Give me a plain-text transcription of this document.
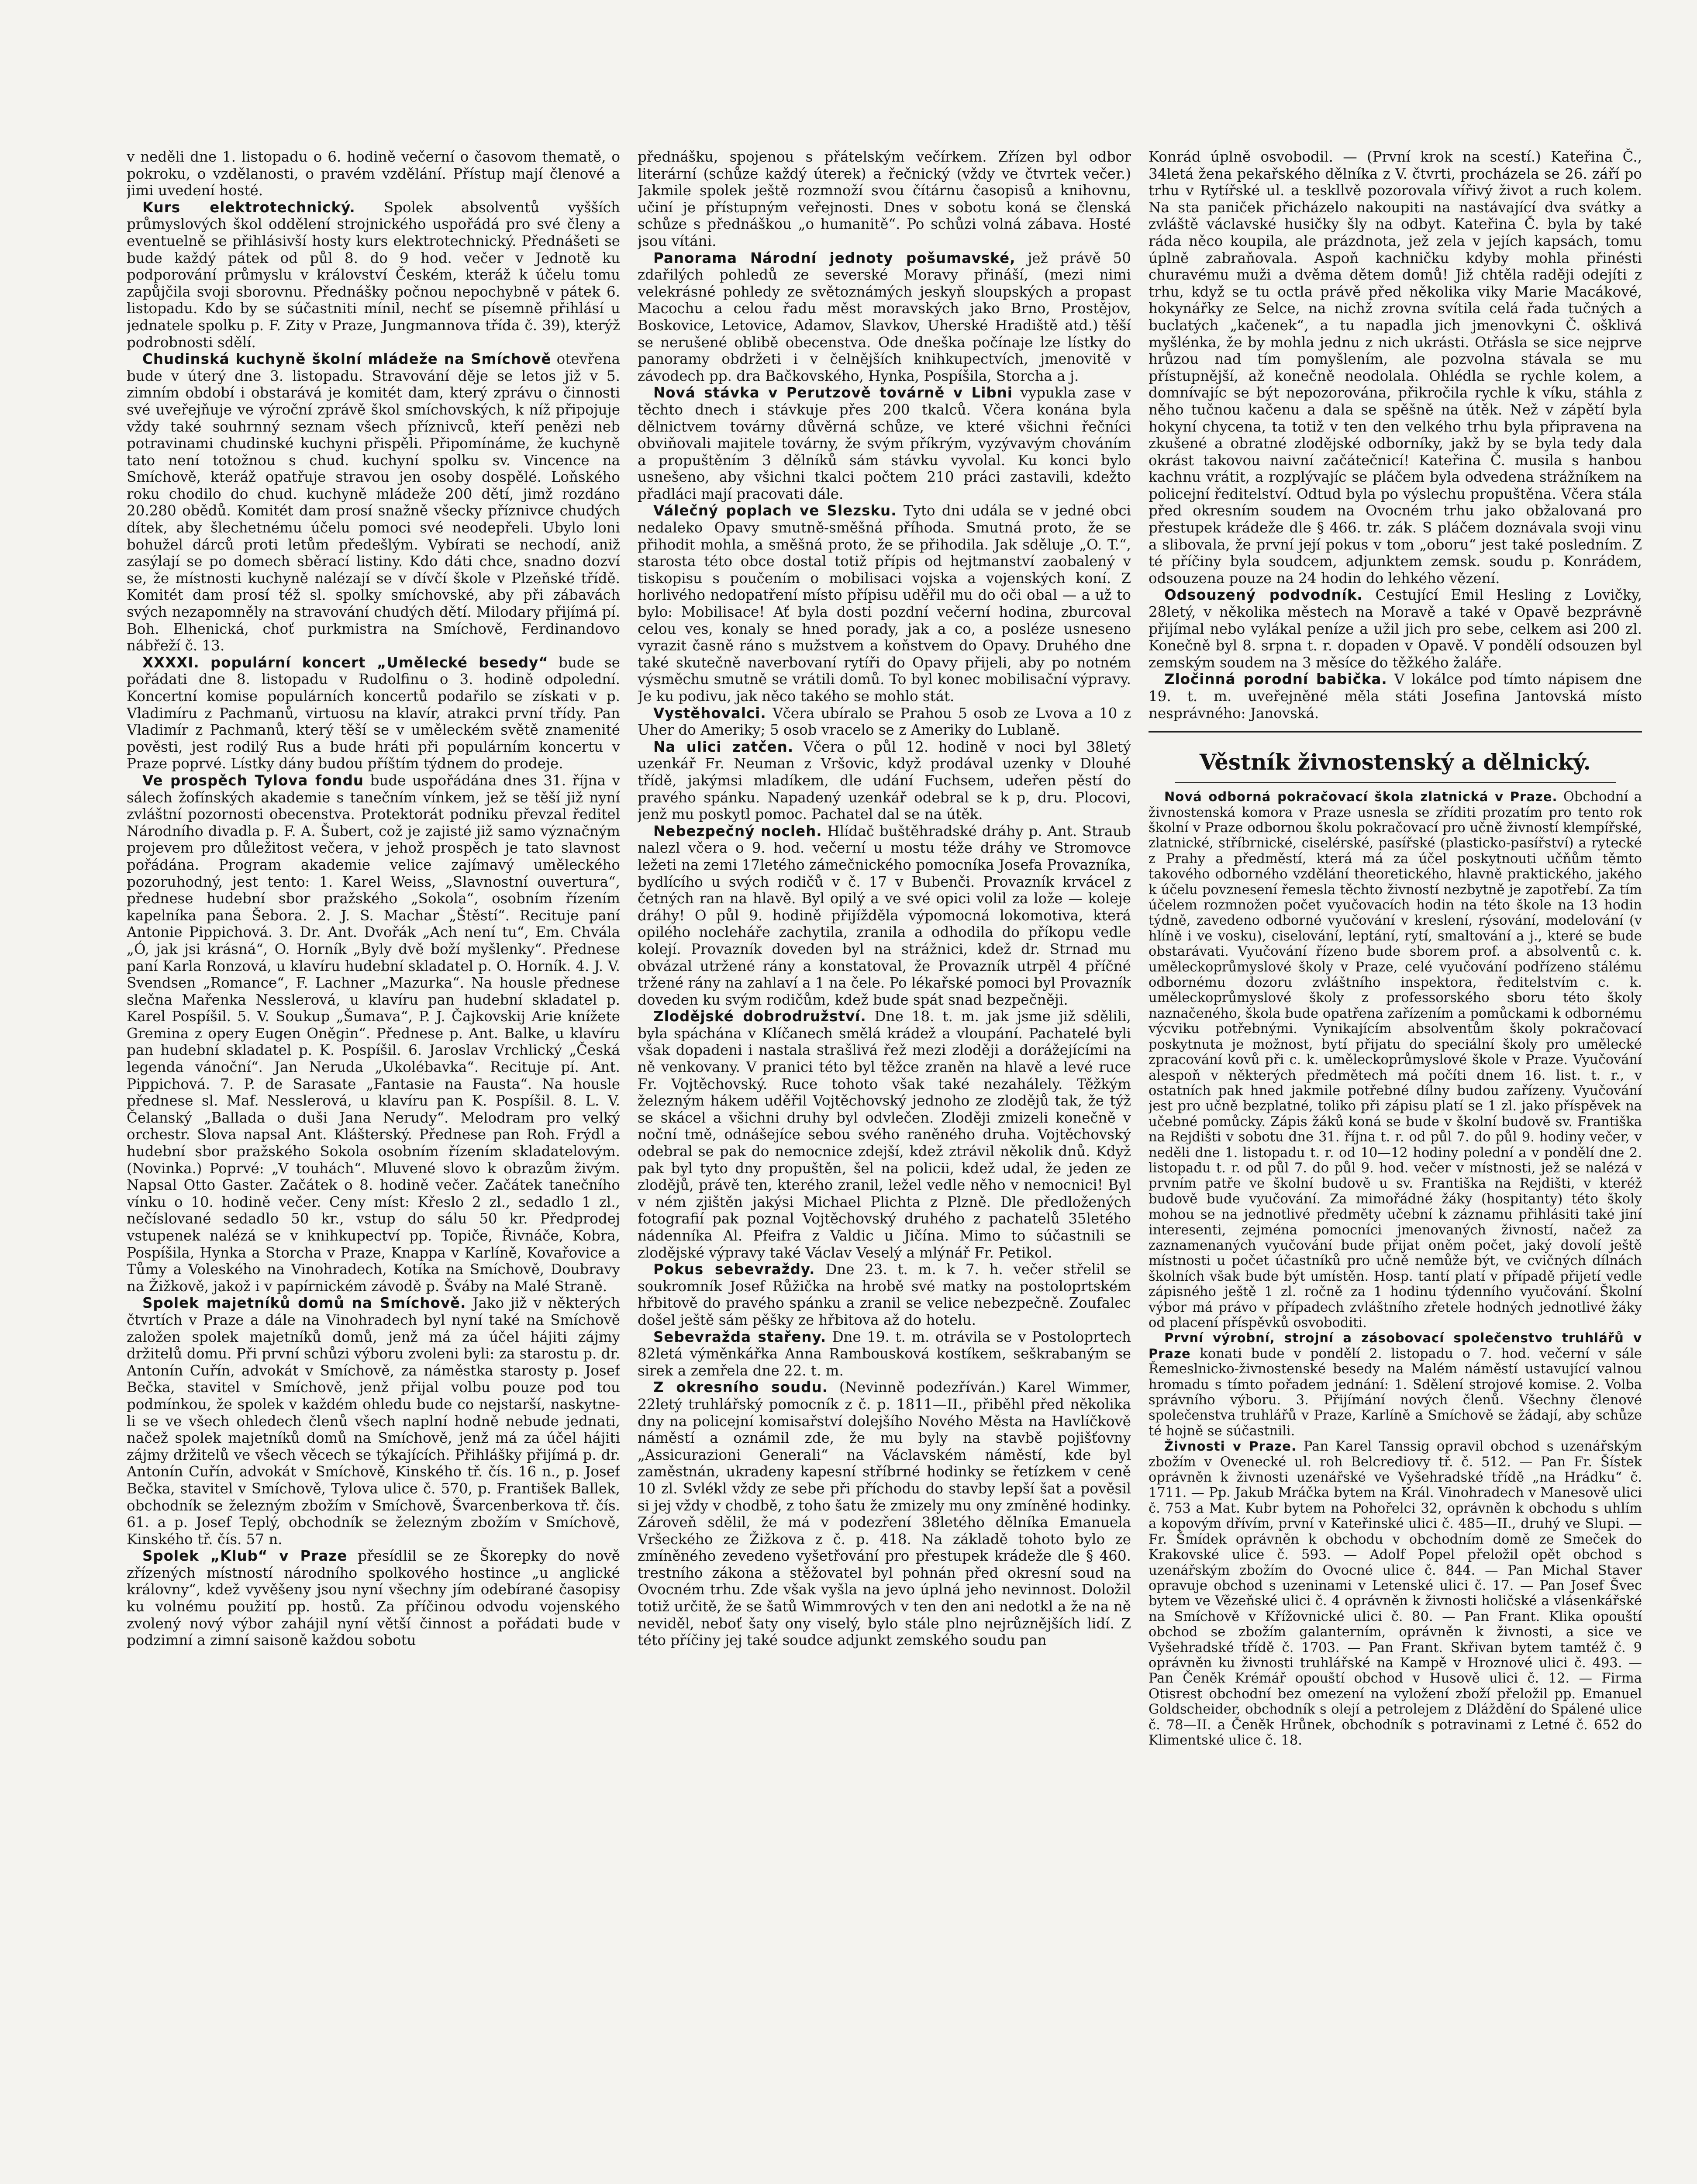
v neděli dne 1. listopadu o 6. hodině večerní o časovom thematě, o pokroku, o vzdělanosti, o pravém vzdělání. Přístup mají členové a jimi uvedení hosté.

Kurs elektrotechnický. Spolek absolventů vyšších průmyslových škol oddělení strojnického uspořádá pro své členy a eventuelně se přihlásivší hosty kurs elektrotechnický. Přednášeti se bude každý pátek od půl 8. do 9 hod. večer v Jednotě ku podporování průmyslu v království Českém, kteráž k účelu tomu zapůjčila svoji sborovnu. Přednášky počnou nepochybně v pátek 6. listopadu. Kdo by se súčastniti mínil, nechť se písemně přihlásí u jednatele spolku p. F. Zity v Praze, Jungmannova třída č. 39), kterýž podrobnosti sdělí.

Chudinská kuchyně školní mládeže na Smíchově otevřena bude v úterý dne 3. listopadu. Stravování děje se letos již v 5. zimním období i obstarává je komitét dam, který zprávu o činnosti své uveřejňuje ve výroční zprávě škol smíchovských, k níž připojuje vždy také souhrnný seznam všech příznivců, kteří penězi neb potravinami chudinské kuchyni přispěli. Připomínáme, že kuchyně tato není totožnou s chud. kuchyní spolku sv. Vincence na Smíchově, kteráž opatřuje stravou jen osoby dospělé. Loňského roku chodilo do chud. kuchyně mládeže 200 dětí, jimž rozdáno 20.280 obědů. Komitét dam prosí snažně všecky příznivce chudých dítek, aby šlechetnému účelu pomoci své neodepřeli. Ubylo loni bohužel dárců proti letům předešlým. Vybírati se nechodí, aniž zasýlají se po domech sběrací listiny. Kdo dáti chce, snadno dozví se, že místnosti kuchyně nalézají se v dívčí škole v Plzeňské třídě. Komitét dam prosí též sl. spolky smíchovské, aby při zábavách svých nezapomněly na stravování chudých dětí. Milodary přijímá pí. Boh. Elhenická, choť purkmistra na Smíchově, Ferdinandovo nábřeží č. 13.

XXXXI. populární koncert „Umělecké besedy“ bude se pořádati dne 8. listopadu v Rudolfinu o 3. hodině odpolední. Koncertní komise populárních koncertů podařilo se získati v p. Vladimíru z Pachmanů, virtuosu na klavír, atrakci první třídy. Pan Vladimír z Pachmanů, který těší se v uměleckém světě znamenité pověsti, jest rodilý Rus a bude hráti při populárním koncertu v Praze poprvé. Lístky dány budou příštím týdnem do prodeje.

Ve prospěch Tylova fondu bude uspořádána dnes 31. října v sálech žofínských akademie s tanečním vínkem, jež se těší již nyní zvláštní pozornosti obecenstva. Protektorát podniku převzal ředitel Národního divadla p. F. A. Šubert, což je zajisté již samo význačným projevem pro důležitost večera, v jehož prospěch je tato slavnost pořádána. Program akademie velice zajímavý uměleckého pozoruhodný, jest tento: 1. Karel Weiss, „Slavnostní ouvertura“, přednese hudební sbor pražského „Sokola“, osobním řízením kapelníka pana Šebora. 2. J. S. Machar „Štěstí“. Recituje paní Antonie Pippichová. 3. Dr. Ant. Dvořák „Ach není tu“, Em. Chvála „Ó, jak jsi krásná“, O. Horník „Byly dvě boží myšlenky“. Přednese paní Karla Ronzová, u klavíru hudební skladatel p. O. Horník. 4. J. V. Svendsen „Romance“, F. Lachner „Mazurka“. Na housle přednese slečna Mařenka Nesslerová, u klavíru pan hudební skladatel p. Karel Pospíšil. 5. V. Soukup „Šumava“, P. J. Čajkovskij Arie knížete Gremina z opery Eugen Oněgin“. Přednese p. Ant. Balke, u klavíru pan hudební skladatel p. K. Pospíšil. 6. Jaroslav Vrchlický „Česká legenda vánoční“. Jan Neruda „Ukolébavka“. Recituje pí. Ant. Pippichová. 7. P. de Sarasate „Fantasie na Fausta“. Na housle přednese sl. Maf. Nesslerová, u klavíru pan K. Pospíšil. 8. L. V. Čelanský „Ballada o duši Jana Nerudy“. Melodram pro velký orchestr. Slova napsal Ant. Klášterský. Přednese pan Roh. Frýdl a hudební sbor pražského Sokola osobním řízením skladatelovým. (Novinka.) Poprvé: „V touhách“. Mluvené slovo k obrazům živým. Napsal Otto Gaster. Začátek o 8. hodině večer. Začátek tanečního vínku o 10. hodině večer. Ceny míst: Křeslo 2 zl., sedadlo 1 zl., nečíslované sedadlo 50 kr., vstup do sálu 50 kr. Předprodej vstupenek nalézá se v knihkupectví pp. Topiče, Řivnáče, Kobra, Pospíšila, Hynka a Storcha v Praze, Knappa v Karlíně, Kovařovice a Tůmy a Voleského na Vinohradech, Kotíka na Smíchově, Doubravy na Žižkově, jakož i v papírnickém závodě p. Šváby na Malé Straně.

Spolek majetníků domů na Smíchově. Jako již v některých čtvrtích v Praze a dále na Vinohradech byl nyní také na Smíchově založen spolek majetníků domů, jenž má za účel hájiti zájmy držitelů domu. Při první schůzi výboru zvoleni byli: za starostu p. dr. Antonín Cuřín, advokát v Smíchově, za náměstka starosty p. Josef Bečka, stavitel v Smíchově, jenž přijal volbu pouze pod tou podmínkou, že spolek v každém ohledu bude co nejstarší, naskytne-li se ve všech ohledech členů všech naplní hodně nebude jednati, načež spolek majetníků domů na Smíchově, jenž má za účel hájiti zájmy držitelů ve všech věcech se týkajících. Přihlášky přijímá p. dr. Antonín Cuřín, advokát v Smíchově, Kinského tř. čís. 16 n., p. Josef Bečka, stavitel v Smíchově, Tylova ulice č. 570, p. František Ballek, obchodník se železným zbožím v Smíchově, Švarcenberkova tř. čís. 61. a p. Josef Teplý, obchodník se železným zbožím v Smíchově, Kinského tř. čís. 57 n.

Spolek „Klub“ v Praze přesídlil se ze Škorepky do nově zřízených místností národního spolkového hostince „u anglické královny“, kdež vyvěšeny jsou nyní všechny jím odebírané časopisy ku volnému použití pp. hostů. Za příčinou odvodu vojenského zvolený nový výbor zahájil nyní větší činnost a pořádati bude v podzimní a zimní saisoně každou sobotu

přednášku, spojenou s přátelským večírkem. Zřízen byl odbor literární (schůze každý úterek) a řečnický (vždy ve čtvrtek večer.) Jakmile spolek ještě rozmnoží svou čítárnu časopisů a knihovnu, učiní je přístupným veřejnosti. Dnes v sobotu koná se členská schůze s přednáškou „o humanitě“. Po schůzi volná zábava. Hosté jsou vítáni.

Panorama Národní jednoty pošumavské, jež právě 50 zdařilých pohledů ze severské Moravy přináší, (mezi nimi velekrásné pohledy ze světoznámých jeskyň sloupských a propast Macochu a celou řadu měst moravských jako Brno, Prostějov, Boskovice, Letovice, Adamov, Slavkov, Uherské Hradiště atd.) těší se nerušené oblibě obecenstva. Ode dneška počínaje lze lístky do panoramy obdržeti i v čelnějších knihkupectvích, jmenovitě v závodech pp. dra Bačkovského, Hynka, Pospíšila, Storcha a j.

Nová stávka v Perutzově továrně v Libni vypukla zase v těchto dnech i stávkuje přes 200 tkalců. Včera konána byla dělnictvem továrny důvěrná schůze, ve které všichni řečníci obviňovali majitele továrny, že svým příkrým, vyzývavým chováním a propuštěním 3 dělníků sám stávku vyvolal. Ku konci bylo usnešeno, aby všichni tkalci počtem 210 práci zastavili, kdežto přadláci mají pracovati dále.

Válečný poplach ve Slezsku. Tyto dni udála se v jedné obci nedaleko Opavy smutně-směšná příhoda. Smutná proto, že se přihodit mohla, a směšná proto, že se přihodila. Jak sděluje „O. T.“, starosta této obce dostal totiž přípis od hejtmanství zaobalený v tiskopisu s poučením o mobilisaci vojska a vojenských koní. Z horlivého nedopatření místo přípisu uděřil mu do oči obal — a už to bylo: Mobilisace! Ať byla dosti pozdní večerní hodina, zburcoval celou ves, konaly se hned porady, jak a co, a posléze usneseno vyrazit časně ráno s mužstvem a koňstvem do Opavy. Druhého dne také skutečně naverbovaní rytíři do Opavy přijeli, aby po notném výsměchu smutně se vrátili domů. To byl konec mobilisační výpravy. Je ku podivu, jak něco takého se mohlo stát.

Vystěhovalci. Včera ubíralo se Prahou 5 osob ze Lvova a 10 z Uher do Ameriky; 5 osob vracelo se z Ameriky do Lublaně.

Na ulici zatčen. Včera o půl 12. hodině v noci byl 38letý uzenkář Fr. Neuman z Vršovic, když prodával uzenky v Dlouhé třídě, jakýmsi mladíkem, dle udání Fuchsem, udeřen pěstí do pravého spánku. Napadený uzenkář odebral se k p, dru. Plocovi, jenž mu poskytl pomoc. Pachatel dal se na útěk.

Nebezpečný nocleh. Hlídač buštěhradské dráhy p. Ant. Straub nalezl včera o 9. hod. večerní u mostu téže dráhy ve Stromovce ležeti na zemi 17letého zámečnického pomocníka Josefa Provazníka, bydlícího u svých rodičů v č. 17 v Bubenči. Provazník krvácel z četných ran na hlavě. Byl opilý a ve své opici volil za lože — koleje dráhy! O půl 9. hodině přijížděla výpomocná lokomotiva, která opilého nocleháře zachytila, zranila a odhodila do příkopu vedle kolejí. Provazník doveden byl na strážnici, kdež dr. Strnad mu obvázal utržené rány a konstatoval, že Provazník utrpěl 4 příčné tržené rány na zahlaví a 1 na čele. Po lékařské pomoci byl Provazník doveden ku svým rodičům, kdež bude spát snad bezpečněji.

Zlodějské dobrodružství. Dne 18. t. m. jak jsme již sdělili, byla spáchána v Klíčanech smělá krádež a vloupání. Pachatelé byli však dopadeni i nastala strašlivá řež mezi zloději a dorážejícími na ně venkovany. V pranici této byl těžce zraněn na hlavě a levé ruce Fr. Vojtěchovský. Ruce tohoto však také nezahálely. Těžkým železným hákem uděřil Vojtěchovský jednoho ze zlodějů tak, že týž se skácel a všichni druhy byl odvlečen. Zloději zmizeli konečně v noční tmě, odnášejíce sebou svého raněného druha. Vojtěchovský odebral se pak do nemocnice zdejší, kdež ztrávil několik dnů. Když pak byl tyto dny propuštěn, šel na policii, kdež udal, že jeden ze zlodějů, právě ten, kterého zranil, ležel vedle něho v nemocnici! Byl v ném zjištěn jakýsi Michael Plichta z Plzně. Dle předložených fotografií pak poznal Vojtěchovský druhého z pachatelů 35letého nádenníka Al. Pfeifra z Valdic u Jičína. Mimo to súčastnili se zlodějské výpravy také Václav Veselý a mlýnář Fr. Petikol.

Pokus sebevraždy. Dne 23. t. m. k 7. h. večer střelil se soukromník Josef Růžička na hrobě své matky na postoloprtském hřbitově do pravého spánku a zranil se velice nebezpečně. Zoufalec došel ještě sám pěšky ze hřbitova až do hotelu.

Sebevražda stařeny. Dne 19. t. m. otrávila se v Postoloprtech 82letá výměnkářka Anna Rambousková kostíkem, seškrabaným se sirek a zemřela dne 22. t. m.

Z okresního soudu. (Nevinně podezříván.) Karel Wimmer, 22letý truhlářský pomocník z č. p. 1811—II., přiběhl před několika dny na policejní komisařství dolejšího Nového Města na Havlíčkově náměstí a oznámil zde, že mu byly na stavbě pojišťovny „Assicurazioni Generali“ na Václavském náměstí, kde byl zaměstnán, ukradeny kapesní stříbrné hodinky se řetízkem v ceně 10 zl. Svlékl vždy ze sebe při příchodu do stavby lepší šat a pověsil si jej vždy v chodbě, z toho šatu že zmizely mu ony zmíněné hodinky. Zároveň sdělil, že má v podezření 38letého dělníka Emanuela Vršeckého ze Žižkova z č. p. 418. Na základě tohoto bylo ze zmíněného zevedeno vyšetřování pro přestupek krádeže dle § 460. trestního zákona a stěžovatel byl pohnán před okresní soud na Ovocném trhu. Zde však vyšla na jevo úplná jeho nevinnost. Doložil totiž určitě, že se šatů Wimmrových v ten den ani nedotkl a že na ně neviděl, neboť šaty ony viselý, bylo stále plno nejrůznějších lidí. Z této příčiny jej také soudce adjunkt zemského soudu pan

Konrád úplně osvobodil. — (První krok na scestí.) Kateřina Č., 34letá žena pekařského dělníka z V. čtvrti, procházela se 26. září po trhu v Rytířské ul. a teskllvě pozorovala vířivý život a ruch kolem. Na sta paniček přicházelo nakoupiti na nastávající dva svátky a zvláště václavské husičky šly na odbyt. Kateřina Č. byla by také ráda něco koupila, ale prázdnota, jež zela v jejích kapsách, tomu úplně zabraňovala. Aspoň kachničku kdyby mohla přinésti churavému muži a dvěma dětem domů! Již chtěla raději odejíti z trhu, když se tu octla právě před několika viky Marie Macákové, hokynářky ze Selce, na nichž zrovna svítila celá řada tučných a buclatých „kačenek“, a tu napadla jich jmenovkyni Č. ošklivá myšlénka, že by mohla jednu z nich ukrásti. Otřásla se sice nejprve hrůzou nad tím pomyšlením, ale pozvolna stávala se mu přístupnější, až konečně neodolala. Ohlédla se rychle kolem, a domnívajíc se být nepozorována, přikročila rychle k víku, stáhla z něho tučnou kačenu a dala se spěšně na útěk. Než v zápětí byla hokyní chycena, ta totiž v ten den velkého trhu byla připravena na zkušené a obratné zlodějské odborníky, jakž by se byla tedy dala okrást takovou naivní začátečnicí! Kateřina Č. musila s hanbou kachnu vrátit, a rozplývajíc se pláčem byla odvedena strážníkem na policejní ředitelství. Odtud byla po výslechu propuštěna. Včera stála před okresním soudem na Ovocném trhu jako obžalovaná pro přestupek krádeže dle § 466. tr. zák. S pláčem doznávala svoji vinu a slibovala, že první její pokus v tom „oboru“ jest také posledním. Z té příčiny byla soudcem, adjunktem zemsk. soudu p. Konrádem, odsouzena pouze na 24 hodin do lehkého vězení.

Odsouzený podvodník. Cestující Emil Hesling z Lovičky, 28letý, v několika městech na Moravě a také v Opavě bezprávně přijímal nebo vylákal peníze a užil jich pro sebe, celkem asi 200 zl. Konečně byl 8. srpna t. r. dopaden v Opavě. V pondělí odsouzen byl zemským soudem na 3 měsíce do těžkého žaláře.

Zločinná porodní babička. V lokálce pod tímto nápisem dne 19. t. m. uveřejněné měla státi Josefina Jantovská místo nesprávného: Janovská.

Věstník živnostenský a dělnický.

Nová odborná pokračovací škola zlatnická v Praze. Obchodní a živnostenská komora v Praze usnesla se zříditi prozatím pro tento rok školní v Praze odbornou školu pokračovací pro učně živností klempířské, zlatnické, stříbrnické, ciselérské, pasířské (plasticko-pasířství) a rytecké z Prahy a předměstí, která má za účel poskytnouti učňům těmto takového odborného vzdělání theoretického, hlavně praktického, jakého k účelu povznesení řemesla těchto živností nezbytně je zapotřebí. Za tím účelem rozmnožen počet vyučovacích hodin na této škole na 13 hodin týdně, zavedeno odborné vyučování v kreslení, rýsování, modelování (v hlíně i ve vosku), ciselování, leptání, rytí, smaltování a j., které se bude obstarávati. Vyučování řízeno bude sborem prof. a absolventů c. k. uměleckoprůmyslové školy v Praze, celé vyučování podřízeno stálému odbornému dozoru zvláštního inspektora, ředitelstvím c. k. uměleckoprůmyslové školy z professorského sboru této školy naznačeného, škola bude opatřena zařízením a pomůckami k odbornému výcviku potřebnými. Vynikajícím absolventům školy pokračovací poskytnuta je možnost, bytí přijatu do speciální školy pro umělecké zpracování kovů při c. k. uměleckoprůmyslové škole v Praze. Vyučování alespoň v některých předmětech má počíti dnem 16. list. t. r., v ostatních pak hned jakmile potřebné dílny budou zařízeny. Vyučování jest pro učně bezplatné, toliko při zápisu platí se 1 zl. jako příspěvek na učebné pomůcky. Zápis žáků koná se bude v školní budově sv. Františka na Rejdišti v sobotu dne 31. října t. r. od půl 7. do půl 9. hodiny večer, v neděli dne 1. listopadu t. r. od 10—12 hodiny polední a v pondělí dne 2. listopadu t. r. od půl 7. do půl 9. hod. večer v místnosti, jež se nalézá v prvním patře ve školní budově u sv. Františka na Rejdišti, v kteréž budově bude vyučování. Za mimořádné žáky (hospitanty) této školy mohou se na jednotlivé předměty učební k záznamu přihlásiti také jiní interesenti, zejména pomocníci jmenovaných živností, načež za zaznamenaných vyučování bude přijat oněm počet, jaký dovolí ještě místnosti u počet účastníků pro učně nemůže být, ve cvičných dílnách školních však bude být umístěn. Hosp. tantí platí v případě přijetí vedle zápisného ještě 1 zl. ročně za 1 hodinu týdenního vyučování. Školní výbor má právo v případech zvláštního zřetele hodných jednotlivé žáky od placení příspěvků osvoboditi.

První výrobní, strojní a zásobovací společenstvo truhlářů v Praze konati bude v pondělí 2. listopadu o 7. hod. večerní v sále Řemeslnicko-živnostenské besedy na Malém náměstí ustavující valnou hromadu s tímto pořadem jednání: 1. Sdělení strojové komise. 2. Volba správního výboru. 3. Přijímání nových členů. Všechny členové společenstva truhlářů v Praze, Karlíně a Smíchově se žádají, aby schůze té hojně se súčastnili.

Živnosti v Praze. Pan Karel Tanssig opravil obchod s uzenářským zbožím v Ovenecké ul. roh Belcrediovy tř. č. 512. — Pan Fr. Šístek oprávněn k živnosti uzenářské ve Vyšehradské třídě „na Hrádku“ č. 1711. — Pp. Jakub Mráčka bytem na Král. Vinohradech v Manesově ulici č. 753 a Mat. Kubr bytem na Pohořelci 32, oprávněn k obchodu s uhlím a kopovým dřívím, první v Kateřinské ulici č. 485—II., druhý ve Slupi. — Fr. Šmídek oprávněn k obchodu v obchodním domě ze Smeček do Krakovské ulice č. 593. — Adolf Popel přeložil opět obchod s uzenářským zbožím do Ovocné ulice č. 844. — Pan Michal Staver opravuje obchod s uzeninami v Letenské ulici č. 17. — Pan Josef Švec bytem ve Vězeňské ulici č. 4 oprávněn k živnosti holičské a vlásenkářské na Smíchově v Křížovnické ulici č. 80. — Pan Frant. Klika opouští obchod se zbožím galanterním, oprávněn k živnosti, a sice ve Vyšehradské třídě č. 1703. — Pan Frant. Skřivan bytem tamtéž č. 9 oprávněn ku živnosti truhlářské na Kampě v Hroznové ulici č. 493. — Pan Čeněk Krémář opouští obchod v Husově ulici č. 12. — Firma Otisrest obchodní bez omezení na vyložení zboží přeložil pp. Emanuel Goldscheider, obchodník s olejí a petrolejem z Dláždění do Spálené ulice č. 78—II. a Čeněk Hrůnek, obchodník s potravinami z Letné č. 652 do Klimentské ulice č. 18.
